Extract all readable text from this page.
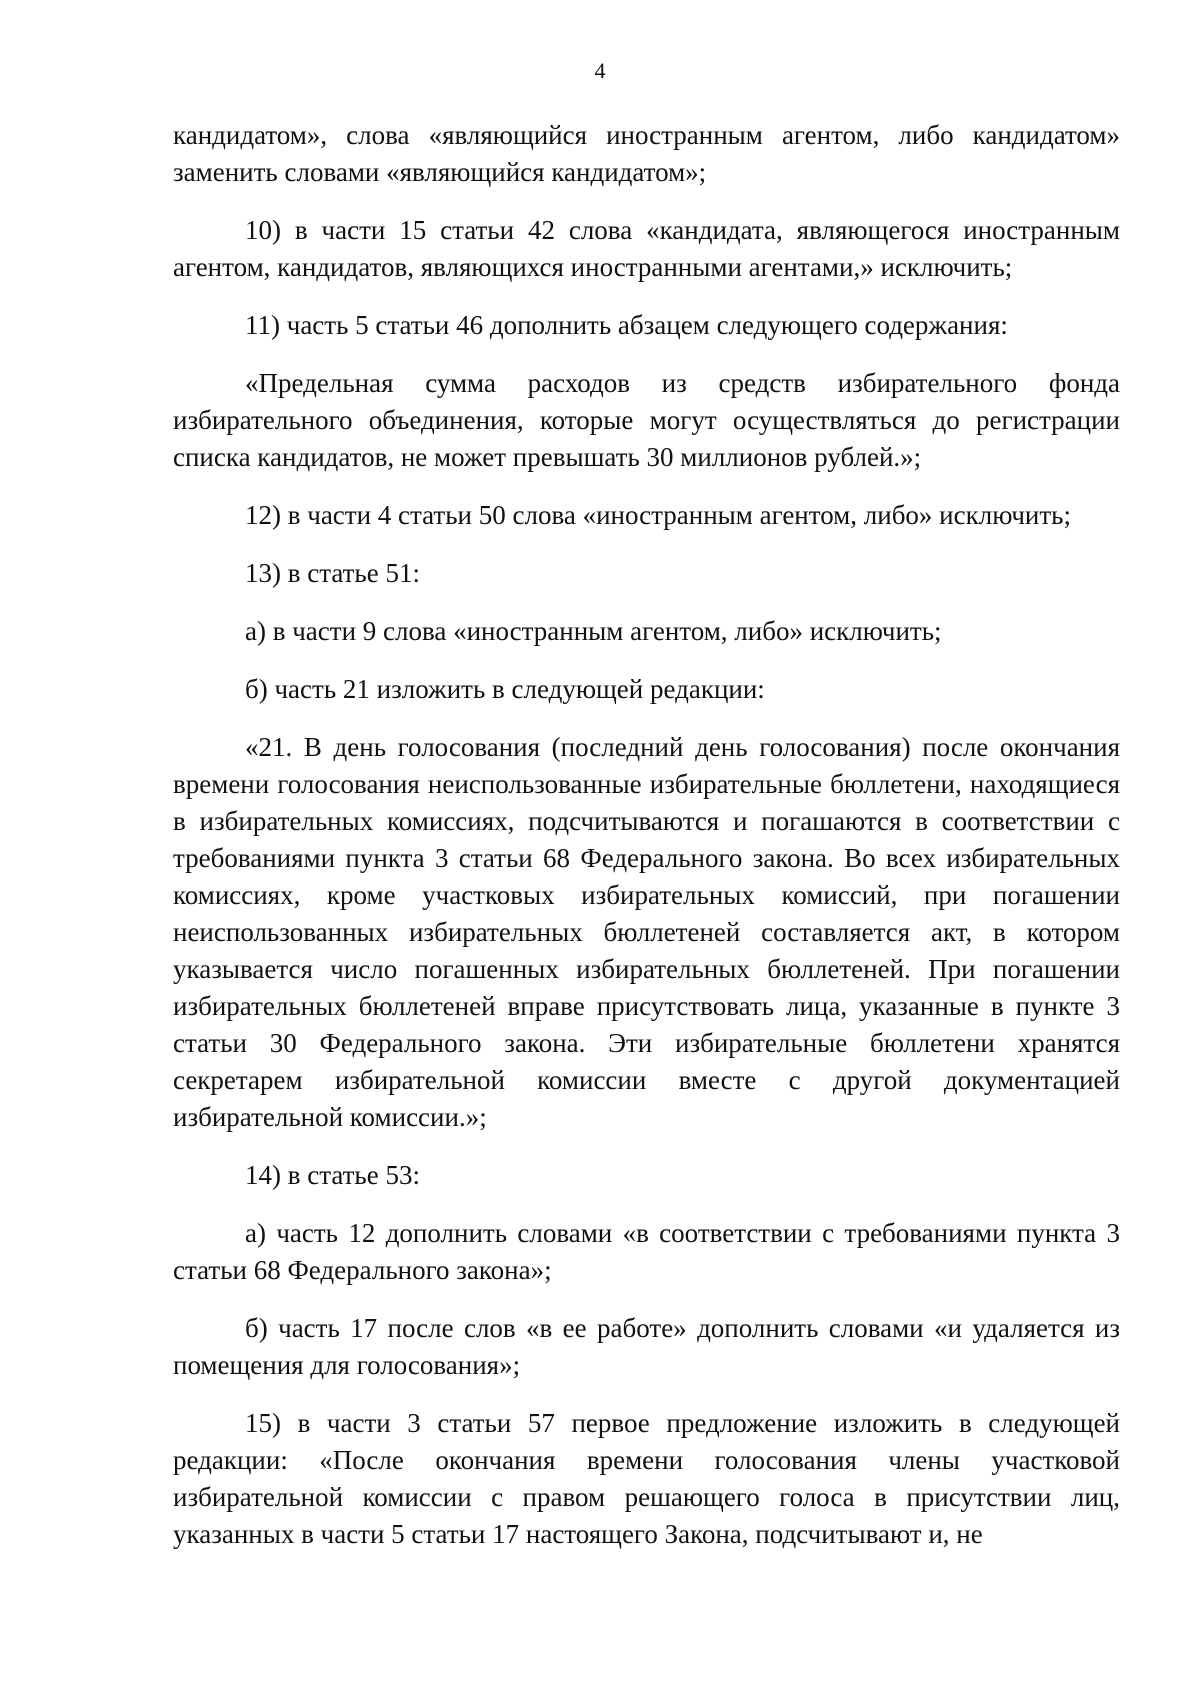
4

кандидатом», слова «являющийся иностранным агентом, либо кандидатом» заменить словами «являющийся кандидатом»;

10) в части 15 статьи 42 слова «кандидата, являющегося иностранным агентом, кандидатов, являющихся иностранными агентами,» исключить;

11) часть 5 статьи 46 дополнить абзацем следующего содержания:

«Предельная сумма расходов из средств избирательного фонда избирательного объединения, которые могут осуществляться до регистрации списка кандидатов, не может превышать 30 миллионов рублей.»;

12) в части 4 статьи 50 слова «иностранным агентом, либо» исключить;

13) в статье 51:

а) в части 9 слова «иностранным агентом, либо» исключить;

б) часть 21 изложить в следующей редакции:

«21. В день голосования (последний день голосования) после окончания времени голосования неиспользованные избирательные бюллетени, находящиеся в избирательных комиссиях, подсчитываются и погашаются в соответствии с требованиями пункта 3 статьи 68 Федерального закона. Во всех избирательных комиссиях, кроме участковых избирательных комиссий, при погашении неиспользованных избирательных бюллетеней составляется акт, в котором указывается число погашенных избирательных бюллетеней. При погашении избирательных бюллетеней вправе присутствовать лица, указанные в пункте 3 статьи 30 Федерального закона. Эти избирательные бюллетени хранятся секретарем избирательной комиссии вместе с другой документацией избирательной комиссии.»;

14) в статье 53:

а) часть 12 дополнить словами «в соответствии с требованиями пункта 3 статьи 68 Федерального закона»;

б) часть 17 после слов «в ее работе» дополнить словами «и удаляется из помещения для голосования»;

15) в части 3 статьи 57 первое предложение изложить в следующей редакции: «После окончания времени голосования члены участковой избирательной комиссии с правом решающего голоса в присутствии лиц, указанных в части 5 статьи 17 настоящего Закона, подсчитывают и, не
